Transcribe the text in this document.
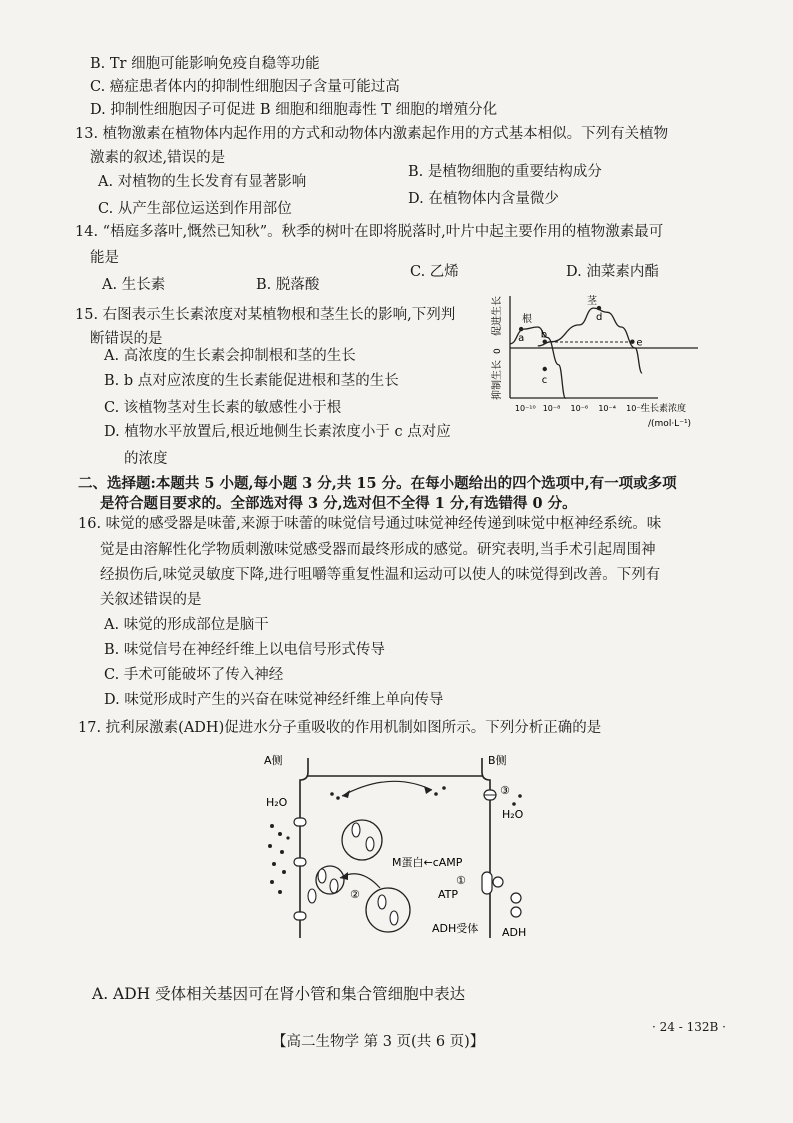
B. Tr 细胞可能影响免疫自稳等功能
C. 癌症患者体内的抑制性细胞因子含量可能过高
D. 抑制性细胞因子可促进 B 细胞和细胞毒性 T 细胞的增殖分化
13. 植物激素在植物体内起作用的方式和动物体内激素起作用的方式基本相似。下列有关植物
激素的叙述,错误的是
A. 对植物的生长发育有显著影响
B. 是植物细胞的重要结构成分
C. 从产生部位运送到作用部位
D. 在植物体内含量微少
14. “梧庭多落叶,慨然已知秋”。秋季的树叶在即将脱落时,叶片中起主要作用的植物激素最可
能是
A. 生长素	B. 脱落酸
C. 乙烯	D. 油菜素内酯
15. 右图表示生长素浓度对某植物根和茎生长的影响,下列判
断错误的是
A. 高浓度的生长素会抑制根和茎的生长
B. b 点对应浓度的生长素能促进根和茎的生长
C. 该植物茎对生长素的敏感性小于根
D. 植物水平放置后,根近地侧生长素浓度小于 c 点对应
的浓度
a b
c
d
e
促进生长
0
抑制生长
根
茎
10⁻¹⁰ 10⁻⁸ 10⁻⁶ 10⁻⁴ 10⁻²
生长素浓度
/(mol·L⁻¹)
二、选择题:本题共 5 小题,每小题 3 分,共 15 分。在每小题给出的四个选项中,有一项或多项
是符合题目要求的。全部选对得 3 分,选对但不全得 1 分,有选错得 0 分。
16. 味觉的感受器是味蕾,来源于味蕾的味觉信号通过味觉神经传递到味觉中枢神经系统。味
觉是由溶解性化学物质刺激味觉感受器而最终形成的感觉。研究表明,当手术引起周围神
经损伤后,味觉灵敏度下降,进行咀嚼等重复性温和运动可以使人的味觉得到改善。下列有
关叙述错误的是
A. 味觉的形成部位是脑干
B. 味觉信号在神经纤维上以电信号形式传导
C. 手术可能破坏了传入神经
D. 味觉形成时产生的兴奋在味觉神经纤维上单向传导
17. 抗利尿激素(ADH)促进水分子重吸收的作用机制如图所示。下列分析正确的是
A侧	B侧
H₂O
H₂O
③
②
M蛋白←cAMP
①
ATP
ADH受体 ADH
A. ADH 受体相关基因可在肾小管和集合管细胞中表达
【高二生物学 第 3 页(共 6 页)】
· 24 - 132B ·
